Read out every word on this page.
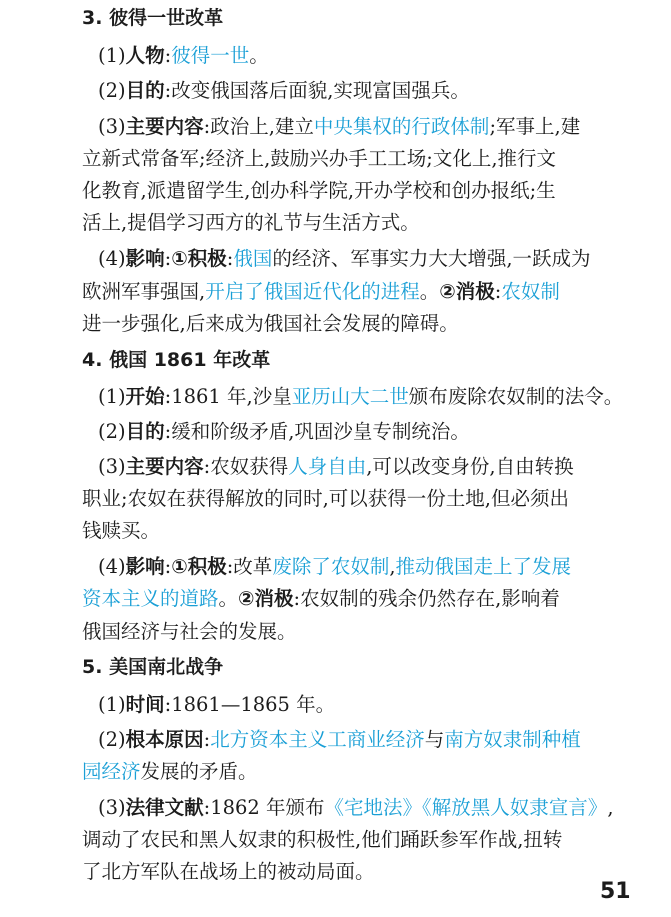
3. 彼得一世改革
(1)人物:彼得一世。
(2)目的:改变俄国落后面貌,实现富国强兵。
(3)主要内容:政治上,建立中央集权的行政体制;军事上,建
立新式常备军;经济上,鼓励兴办手工工场;文化上,推行文
化教育,派遣留学生,创办科学院,开办学校和创办报纸;生
活上,提倡学习西方的礼节与生活方式。
(4)影响:①积极:俄国的经济、军事实力大大增强,一跃成为
欧洲军事强国,开启了俄国近代化的进程。②消极:农奴制
进一步强化,后来成为俄国社会发展的障碍。
4. 俄国 1861 年改革
(1)开始:1861 年,沙皇亚历山大二世颁布废除农奴制的法令。
(2)目的:缓和阶级矛盾,巩固沙皇专制统治。
(3)主要内容:农奴获得人身自由,可以改变身份,自由转换
职业;农奴在获得解放的同时,可以获得一份土地,但必须出
钱赎买。
(4)影响:①积极:改革废除了农奴制,推动俄国走上了发展
资本主义的道路。②消极:农奴制的残余仍然存在,影响着
俄国经济与社会的发展。
5. 美国南北战争
(1)时间:1861—1865 年。
(2)根本原因:北方资本主义工商业经济与南方奴隶制种植
园经济发展的矛盾。
(3)法律文献:1862 年颁布《宅地法》《解放黑人奴隶宣言》,
调动了农民和黑人奴隶的积极性,他们踊跃参军作战,扭转
了北方军队在战场上的被动局面。
51
